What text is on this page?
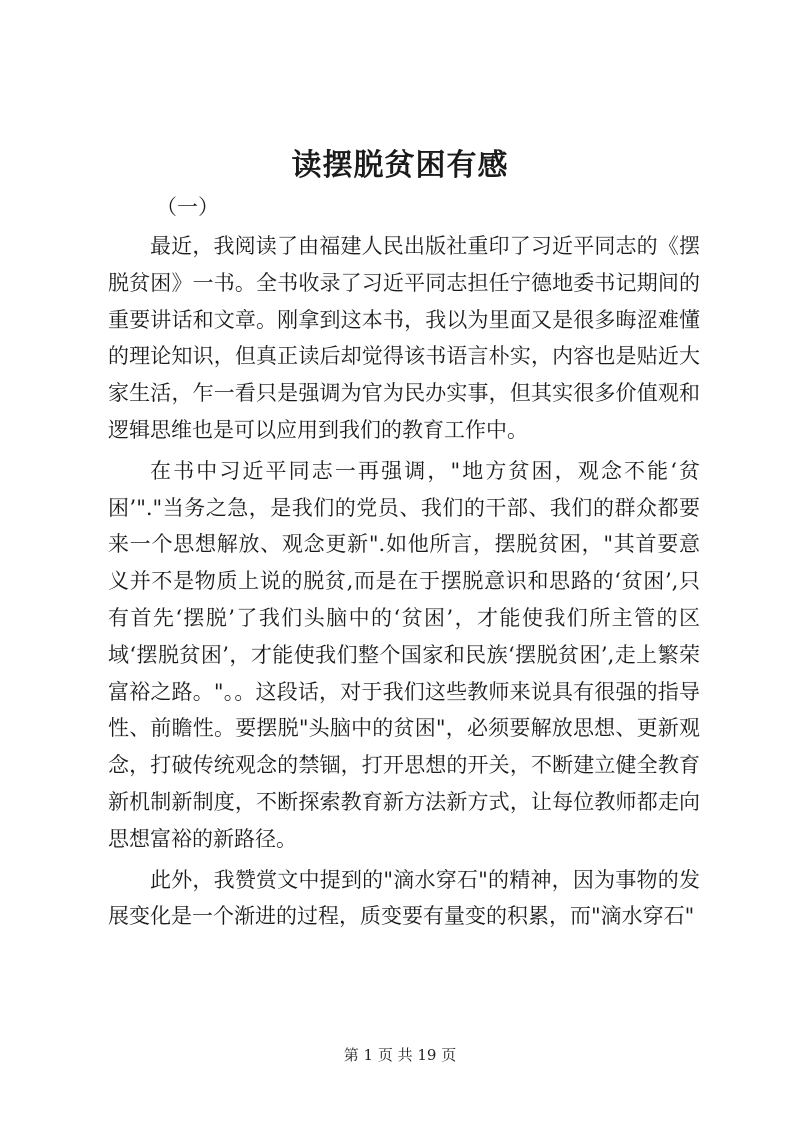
读摆脱贫困有感
（一）

最近，我阅读了由福建人民出版社重印了习近平同志的《摆脱贫困》一书。全书收录了习近平同志担任宁德地委书记期间的重要讲话和文章。刚拿到这本书，我以为里面又是很多晦涩难懂的理论知识，但真正读后却觉得该书语言朴实，内容也是贴近大家生活，乍一看只是强调为官为民办实事，但其实很多价值观和逻辑思维也是可以应用到我们的教育工作中。

在书中习近平同志一再强调，"地方贫困，观念不能‘贫困’"."当务之急，是我们的党员、我们的干部、我们的群众都要来一个思想解放、观念更新".如他所言，摆脱贫困，"其首要意义并不是物质上说的脱贫,而是在于摆脱意识和思路的‘贫困’,只有首先‘摆脱’了我们头脑中的‘贫困’，才能使我们所主管的区域‘摆脱贫困’，才能使我们整个国家和民族‘摆脱贫困’,走上繁荣富裕之路。"。。这段话，对于我们这些教师来说具有很强的指导性、前瞻性。要摆脱"头脑中的贫困"，必须要解放思想、更新观念，打破传统观念的禁锢，打开思想的开关，不断建立健全教育新机制新制度，不断探索教育新方法新方式，让每位教师都走向思想富裕的新路径。

此外，我赞赏文中提到的"滴水穿石"的精神，因为事物的发展变化是一个渐进的过程，质变要有量变的积累，而"滴水穿石"

第 1 页 共 19 页
